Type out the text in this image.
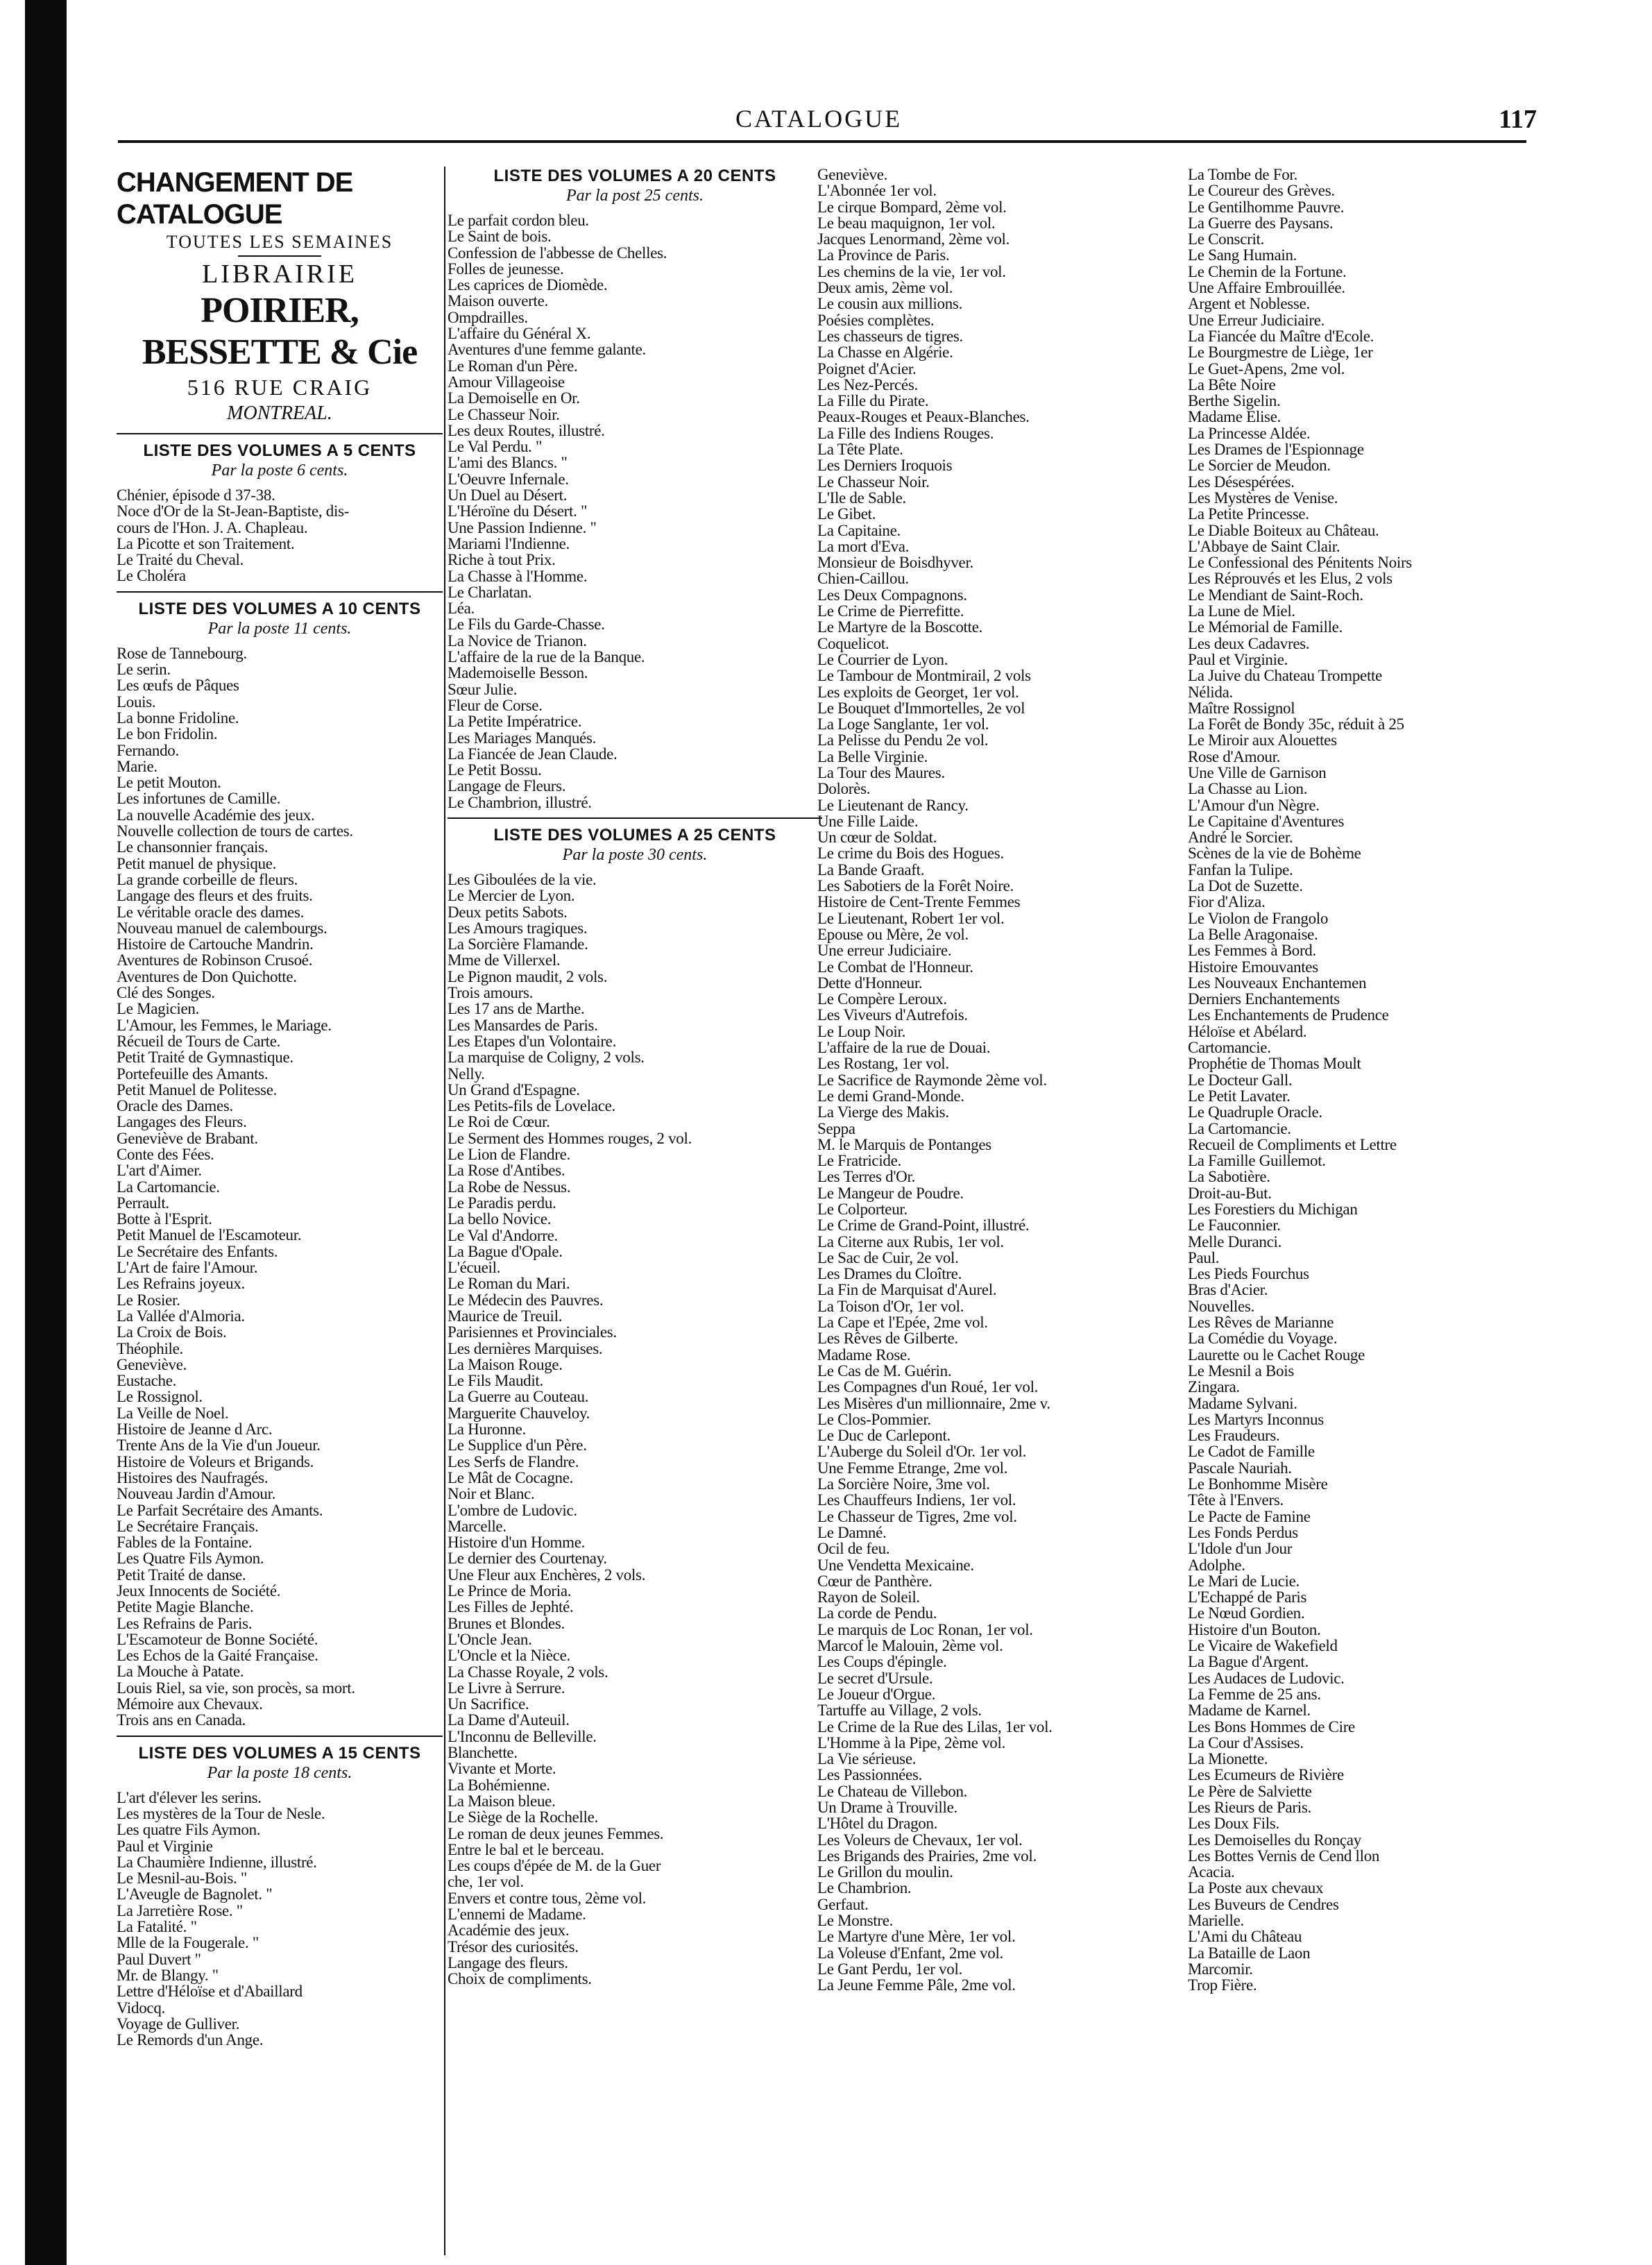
CATALOGUE	117
CHANGEMENT DE CATALOGUE
TOUTES LES SEMAINES
LIBRAIRIE
POIRIER, BESSETTE & Cie
516 RUE CRAIG
MONTREAL.
LISTE DES VOLUMES A 5 CENTS
Par la poste 6 cents.
Chénier, épisode d 37-38.
Noce d'Or de la St-Jean-Baptiste, dis-
cours de l'Hon. J. A. Chapleau.
La Picotte et son Traitement.
Le Traité du Cheval.
Le Choléra
LISTE DES VOLUMES A 10 CENTS
Par la poste 11 cents.
Rose de Tannebourg.
Le serin.
Les œufs de Pâques
Louis.
La bonne Fridoline.
Le bon Fridolin.
Fernando.
Marie.
Le petit Mouton.
Les infortunes de Camille.
La nouvelle Académie des jeux.
Nouvelle collection de tours de cartes.
Le chansonnier français.
Petit manuel de physique.
La grande corbeille de fleurs.
Langage des fleurs et des fruits.
Le véritable oracle des dames.
Nouveau manuel de calembourgs.
Histoire de Cartouche Mandrin.
Aventures de Robinson Crusoé.
Aventures de Don Quichotte.
Clé des Songes.
Le Magicien.
L'Amour, les Femmes, le Mariage.
Récueil de Tours de Carte.
Petit Traité de Gymnastique.
Portefeuille des Amants.
Petit Manuel de Politesse.
Oracle des Dames.
Langages des Fleurs.
Geneviève de Brabant.
Conte des Fées.
L'art d'Aimer.
La Cartomancie.
Perrault.
Botte à l'Esprit.
Petit Manuel de l'Escamoteur.
Le Secrétaire des Enfants.
L'Art de faire l'Amour.
Les Refrains joyeux.
Le Rosier.
La Vallée d'Almoria.
La Croix de Bois.
Théophile.
Geneviève.
Eustache.
Le Rossignol.
La Veille de Noel.
Histoire de Jeanne d Arc.
Trente Ans de la Vie d'un Joueur.
Histoire de Voleurs et Brigands.
Histoires des Naufragés.
Nouveau Jardin d'Amour.
Le Parfait Secrétaire des Amants.
Le Secrétaire Français.
Fables de la Fontaine.
Les Quatre Fils Aymon.
Petit Traité de danse.
Jeux Innocents de Société.
Petite Magie Blanche.
Les Refrains de Paris.
L'Escamoteur de Bonne Société.
Les Echos de la Gaité Française.
La Mouche à Patate.
Louis Riel, sa vie, son procès, sa mort.
Mémoire aux Chevaux.
Trois ans en Canada.
LISTE DES VOLUMES A 15 CENTS
Par la poste 18 cents.
L'art d'élever les serins.
Les mystères de la Tour de Nesle.
Les quatre Fils Aymon.
Paul et Virginie
La Chaumière Indienne, illustré.
Le Mesnil-au-Bois. "
L'Aveugle de Bagnolet. "
La Jarretière Rose. "
La Fatalité. "
Mlle de la Fougerale. "
Paul Duvert "
Mr. de Blangy. "
Lettre d'Héloïse et d'Abaillard
Vidocq.
Voyage de Gulliver.
Le Remords d'un Ange.
LISTE DES VOLUMES A 20 CENTS
Par la post 25 cents.
Le parfait cordon bleu.
Le Saint de bois.
Confession de l'abbesse de Chelles.
Folles de jeunesse.
Les caprices de Diomède.
Maison ouverte.
Ompdrailles.
L'affaire du Général X.
Aventures d'une femme galante.
Le Roman d'un Père.
Amour Villageoise
La Demoiselle en Or.
Le Chasseur Noir.
Les deux Routes, illustré.
Le Val Perdu. "
L'ami des Blancs. "
L'Oeuvre Infernale.
Un Duel au Désert.
L'Héroïne du Désert. "
Une Passion Indienne. "
Mariami l'Indienne.
Riche à tout Prix.
La Chasse à l'Homme.
Le Charlatan.
Léa.
Le Fils du Garde-Chasse.
La Novice de Trianon.
L'affaire de la rue de la Banque.
Mademoiselle Besson.
Sœur Julie.
Fleur de Corse.
La Petite Impératrice.
Les Mariages Manqués.
La Fiancée de Jean Claude.
Le Petit Bossu.
Langage de Fleurs.
Le Chambrion, illustré.
LISTE DES VOLUMES A 25 CENTS
Par la poste 30 cents.
Les Giboulées de la vie.
Le Mercier de Lyon.
Deux petits Sabots.
Les Amours tragiques.
La Sorcière Flamande.
Mme de Villerxel.
Le Pignon maudit, 2 vols.
Trois amours.
Les 17 ans de Marthe.
Les Mansardes de Paris.
Les Etapes d'un Volontaire.
La marquise de Coligny, 2 vols.
Nelly.
Un Grand d'Espagne.
Les Petits-fils de Lovelace.
Le Roi de Cœur.
Le Serment des Hommes rouges, 2 vol.
Le Lion de Flandre.
La Rose d'Antibes.
La Robe de Nessus.
Le Paradis perdu.
La bello Novice.
Le Val d'Andorre.
La Bague d'Opale.
L'écueil.
Le Roman du Mari.
Le Médecin des Pauvres.
Maurice de Treuil.
Parisiennes et Provinciales.
Les dernières Marquises.
La Maison Rouge.
Le Fils Maudit.
La Guerre au Couteau.
Marguerite Chauveloy.
La Huronne.
Le Supplice d'un Père.
Les Serfs de Flandre.
Le Mât de Cocagne.
Noir et Blanc.
L'ombre de Ludovic.
Marcelle.
Histoire d'un Homme.
Le dernier des Courtenay.
Une Fleur aux Enchères, 2 vols.
Le Prince de Moria.
Les Filles de Jephté.
Brunes et Blondes.
L'Oncle Jean.
L'Oncle et la Nièce.
La Chasse Royale, 2 vols.
Le Livre à Serrure.
Un Sacrifice.
La Dame d'Auteuil.
L'Inconnu de Belleville.
Blanchette.
Vivante et Morte.
La Bohémienne.
La Maison bleue.
Le Siège de la Rochelle.
Le roman de deux jeunes Femmes.
Entre le bal et le berceau.
Les coups d'épée de M. de la Guer
che, 1er vol.
Envers et contre tous, 2ème vol.
L'ennemi de Madame.
Académie des jeux.
Trésor des curiosités.
Langage des fleurs.
Choix de compliments.
Geneviève.
L'Abonnée 1er vol.
Le cirque Bompard, 2ème vol.
Le beau maquignon, 1er vol.
Jacques Lenormand, 2ème vol.
La Province de Paris.
Les chemins de la vie, 1er vol.
Deux amis, 2ème vol.
Le cousin aux millions.
Poésies complètes.
Les chasseurs de tigres.
La Chasse en Algérie.
Poignet d'Acier.
Les Nez-Percés.
La Fille du Pirate.
Peaux-Rouges et Peaux-Blanches.
La Fille des Indiens Rouges.
La Tête Plate.
Les Derniers Iroquois
Le Chasseur Noir.
L'Ile de Sable.
Le Gibet.
La Capitaine.
La mort d'Eva.
Monsieur de Boisdhyver.
Chien-Caillou.
Les Deux Compagnons.
Le Crime de Pierrefitte.
Le Martyre de la Boscotte.
Coquelicot.
Le Courrier de Lyon.
Le Tambour de Montmirail, 2 vols
Les exploits de Georget, 1er vol.
Le Bouquet d'Immortelles, 2e vol
La Loge Sanglante, 1er vol.
La Pelisse du Pendu 2e vol.
La Belle Virginie.
La Tour des Maures.
Dolorès.
Le Lieutenant de Rancy.
Une Fille Laide.
Un cœur de Soldat.
Le crime du Bois des Hogues.
La Bande Graaft.
Les Sabotiers de la Forêt Noire.
Histoire de Cent-Trente Femmes
Le Lieutenant, Robert 1er vol.
Epouse ou Mère, 2e vol.
Une erreur Judiciaire.
Le Combat de l'Honneur.
Dette d'Honneur.
Le Compère Leroux.
Les Viveurs d'Autrefois.
Le Loup Noir.
L'affaire de la rue de Douai.
Les Rostang, 1er vol.
Le Sacrifice de Raymonde 2ème vol.
Le demi Grand-Monde.
La Vierge des Makis.
Seppa
M. le Marquis de Pontanges
Le Fratricide.
Les Terres d'Or.
Le Mangeur de Poudre.
Le Colporteur.
Le Crime de Grand-Point, illustré.
La Citerne aux Rubis, 1er vol.
Le Sac de Cuir, 2e vol.
Les Drames du Cloître.
La Fin de Marquisat d'Aurel.
La Toison d'Or, 1er vol.
La Cape et l'Epée, 2me vol.
Les Rêves de Gilberte.
Madame Rose.
Le Cas de M. Guérin.
Les Compagnes d'un Roué, 1er vol.
Les Misères d'un millionnaire, 2me v.
Le Clos-Pommier.
Le Duc de Carlepont.
L'Auberge du Soleil d'Or. 1er vol.
Une Femme Etrange, 2me vol.
La Sorcière Noire, 3me vol.
Les Chauffeurs Indiens, 1er vol.
Le Chasseur de Tigres, 2me vol.
Le Damné.
Ocil de feu.
Une Vendetta Mexicaine.
Cœur de Panthère.
Rayon de Soleil.
La corde de Pendu.
Le marquis de Loc Ronan, 1er vol.
Marcof le Malouin, 2ème vol.
Les Coups d'épingle.
Le secret d'Ursule.
Le Joueur d'Orgue.
Tartuffe au Village, 2 vols.
Le Crime de la Rue des Lilas, 1er vol.
L'Homme à la Pipe, 2ème vol.
La Vie sérieuse.
Les Passionnées.
Le Chateau de Villebon.
Un Drame à Trouville.
L'Hôtel du Dragon.
Les Voleurs de Chevaux, 1er vol.
Les Brigands des Prairies, 2me vol.
Le Grillon du moulin.
Le Chambrion.
Gerfaut.
Le Monstre.
Le Martyre d'une Mère, 1er vol.
La Voleuse d'Enfant, 2me vol.
Le Gant Perdu, 1er vol.
La Jeune Femme Pâle, 2me vol.
La Tombe de For.
Le Coureur des Grèves.
Le Gentilhomme Pauvre.
La Guerre des Paysans.
Le Conscrit.
Le Sang Humain.
Le Chemin de la Fortune.
Une Affaire Embrouillée.
Argent et Noblesse.
Une Erreur Judiciaire.
La Fiancée du Maître d'Ecole.
Le Bourgmestre de Liège, 1er
Le Guet-Apens, 2me vol.
La Bête Noire
Berthe Sigelin.
Madame Elise.
La Princesse Aldée.
Les Drames de l'Espionnage
Le Sorcier de Meudon.
Les Désespérées.
Les Mystères de Venise.
La Petite Princesse.
Le Diable Boiteux au Château.
L'Abbaye de Saint Clair.
Le Confessional des Pénitents Noirs
Les Réprouvés et les Elus, 2 vols
Le Mendiant de Saint-Roch.
La Lune de Miel.
Le Mémorial de Famille.
Les deux Cadavres.
Paul et Virginie.
La Juive du Chateau Trompette
Nélida.
Maître Rossignol
La Forêt de Bondy 35c, réduit à 25
Le Miroir aux Alouettes
Rose d'Amour.
Une Ville de Garnison
La Chasse au Lion.
L'Amour d'un Nègre.
Le Capitaine d'Aventures
André le Sorcier.
Scènes de la vie de Bohème
Fanfan la Tulipe.
La Dot de Suzette.
Fior d'Aliza.
Le Violon de Frangolo
La Belle Aragonaise.
Les Femmes à Bord.
Histoire Emouvantes
Les Nouveaux Enchantemen
Derniers Enchantements
Les Enchantements de Prudence
Héloïse et Abélard.
Cartomancie.
Prophétie de Thomas Moult
Le Docteur Gall.
Le Petit Lavater.
Le Quadruple Oracle.
La Cartomancie.
Recueil de Compliments et Lettre
La Famille Guillemot.
La Sabotière.
Droit-au-But.
Les Forestiers du Michigan
Le Fauconnier.
Melle Duranci.
Paul.
Les Pieds Fourchus
Bras d'Acier.
Nouvelles.
Les Rêves de Marianne
La Comédie du Voyage.
Laurette ou le Cachet Rouge
Le Mesnil a Bois
Zingara.
Madame Sylvani.
Les Martyrs Inconnus
Les Fraudeurs.
Le Cadot de Famille
Pascale Nauriah.
Le Bonhomme Misère
Tête à l'Envers.
Le Pacte de Famine
Les Fonds Perdus
L'Idole d'un Jour
Adolphe.
Le Mari de Lucie.
L'Echappé de Paris
Le Nœud Gordien.
Histoire d'un Bouton.
Le Vicaire de Wakefield
La Bague d'Argent.
Les Audaces de Ludovic.
La Femme de 25 ans.
Madame de Karnel.
Les Bons Hommes de Cire
La Cour d'Assises.
La Mionette.
Les Ecumeurs de Rivière
Le Père de Salviette
Les Rieurs de Paris.
Les Doux Fils.
Les Demoiselles du Ronçay
Les Bottes Vernis de Cend llon
Acacia.
La Poste aux chevaux
Les Buveurs de Cendres
Marielle.
L'Ami du Château
La Bataille de Laon
Marcomir.
Trop Fière.
